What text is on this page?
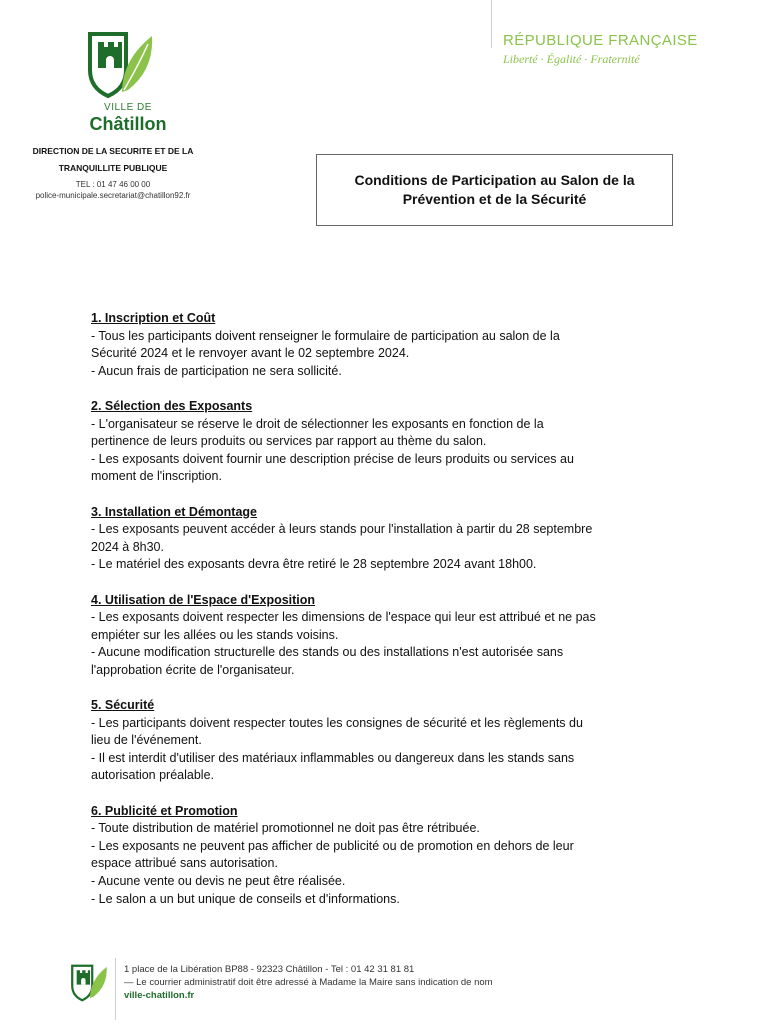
VILLE DE
Châtillon
DIRECTION DE LA SECURITE ET DE LA
TRANQUILLITE PUBLIQUE
TEL : 01 47 46 00 00
police-municipale.secretariat@chatillon92.fr
RÉPUBLIQUE FRANÇAISE
Liberté · Égalité · Fraternité
Conditions de Participation au Salon de la
Prévention et de la Sécurité
1. Inscription et Coût
- Tous les participants doivent renseigner le formulaire de participation au salon de la
Sécurité 2024 et le renvoyer avant le 02 septembre 2024.
- Aucun frais de participation ne sera sollicité.
2. Sélection des Exposants
- L'organisateur se réserve le droit de sélectionner les exposants en fonction de la
pertinence de leurs produits ou services par rapport au thème du salon.
- Les exposants doivent fournir une description précise de leurs produits ou services au
moment de l'inscription.
3. Installation et Démontage
- Les exposants peuvent accéder à leurs stands pour l'installation à partir du 28 septembre
2024 à 8h30.
- Le matériel des exposants devra être retiré le 28 septembre 2024 avant 18h00.
4. Utilisation de l'Espace d'Exposition
- Les exposants doivent respecter les dimensions de l'espace qui leur est attribué et ne pas
empiéter sur les allées ou les stands voisins.
- Aucune modification structurelle des stands ou des installations n'est autorisée sans
l'approbation écrite de l'organisateur.
5. Sécurité
- Les participants doivent respecter toutes les consignes de sécurité et les règlements du
lieu de l'événement.
- Il est interdit d'utiliser des matériaux inflammables ou dangereux dans les stands sans
autorisation préalable.
6. Publicité et Promotion
- Toute distribution de matériel promotionnel ne doit pas être rétribuée.
- Les exposants ne peuvent pas afficher de publicité ou de promotion en dehors de leur
espace attribué sans autorisation.
- Aucune vente ou devis ne peut être réalisée.
- Le salon a un but unique de conseils et d'informations.
1 place de la Libération BP88 - 92323 Châtillon - Tel : 01 42 31 81 81
— Le courrier administratif doit être adressé à Madame la Maire sans indication de nom
ville-chatillon.fr
